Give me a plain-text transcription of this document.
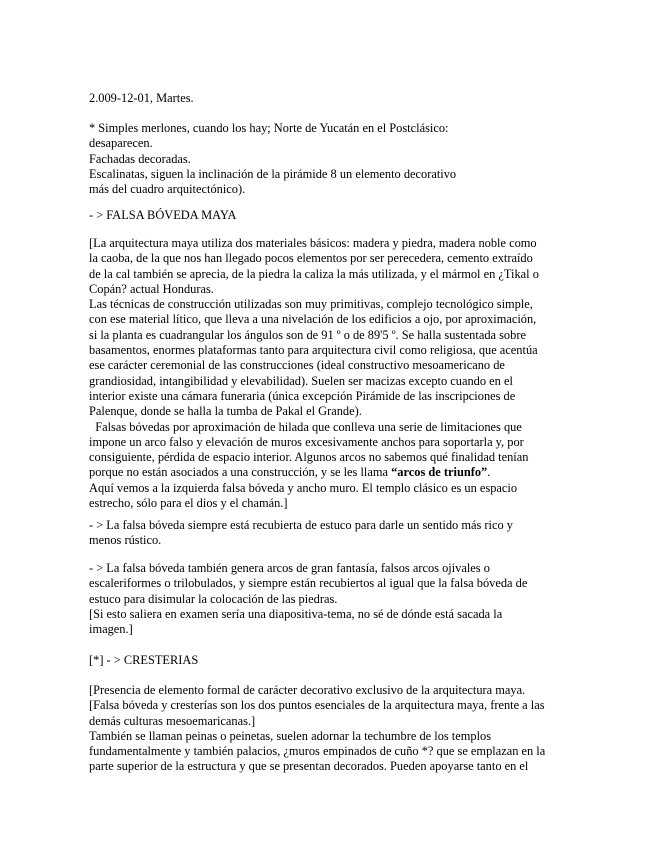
2.009-12-01, Martes.

* Simples merlones, cuando los hay; Norte de Yucatán en el Postclásico:
desaparecen.
Fachadas decoradas.
Escalinatas, siguen la inclinación de la pirámide 8 un elemento decorativo
más del cuadro arquitectónico).

- > FALSA BÓVEDA MAYA

[La arquitectura maya utiliza dos materiales básicos: madera y piedra, madera noble como
la caoba, de la que nos han llegado pocos elementos por ser perecedera, cemento extraído
de la cal también se aprecia, de la piedra la caliza la más utilizada, y el mármol en ¿Tikal o
Copán? actual Honduras.
Las técnicas de construcción utilizadas son muy primitivas, complejo tecnológico simple,
con ese material lítico, que lleva a una nivelación de los edificios a ojo, por aproximación,
si la planta es cuadrangular los ángulos son de 91 º o de 89'5 º. Se halla sustentada sobre
basamentos, enormes plataformas tanto para arquitectura civil como religiosa, que acentúa
ese carácter ceremonial de las construcciones (ideal constructivo mesoamericano de
grandiosidad, intangibilidad y elevabilidad). Suelen ser macizas excepto cuando en el
interior existe una cámara funeraria (única excepción Pirámide de las inscripciones de
Palenque, donde se halla la tumba de Pakal el Grande).
Falsas bóvedas por aproximación de hilada que conlleva una serie de limitaciones que
impone un arco falso y elevación de muros excesivamente anchos para soportarla y, por
consiguiente, pérdida de espacio interior. Algunos arcos no sabemos qué finalidad tenían
porque no están asociados a una construcción, y se les llama “arcos de triunfo”.
Aquí vemos a la izquierda falsa bóveda y ancho muro. El templo clásico es un espacio
estrecho, sólo para el dios y el chamán.]

- > La falsa bóveda siempre está recubierta de estuco para darle un sentido más rico y
menos rústico.

- > La falsa bóveda también genera arcos de gran fantasía, falsos arcos ojivales o
escaleriformes o trilobulados, y siempre están recubiertos al igual que la falsa bóveda de
estuco para disimular la colocación de las piedras.
[Si esto saliera en examen sería una diapositiva-tema, no sé de dónde está sacada la
imagen.]

[*] - > CRESTERIAS

[Presencia de elemento formal de carácter decorativo exclusivo de la arquitectura maya.
[Falsa bóveda y cresterías son los dos puntos esenciales de la arquitectura maya, frente a las
demás culturas mesoemaricanas.]
También se llaman peinas o peinetas, suelen adornar la techumbre de los templos
fundamentalmente y también palacios, ¿muros empinados de cuño *? que se emplazan en la
parte superior de la estructura y que se presentan decorados. Pueden apoyarse tanto en el
